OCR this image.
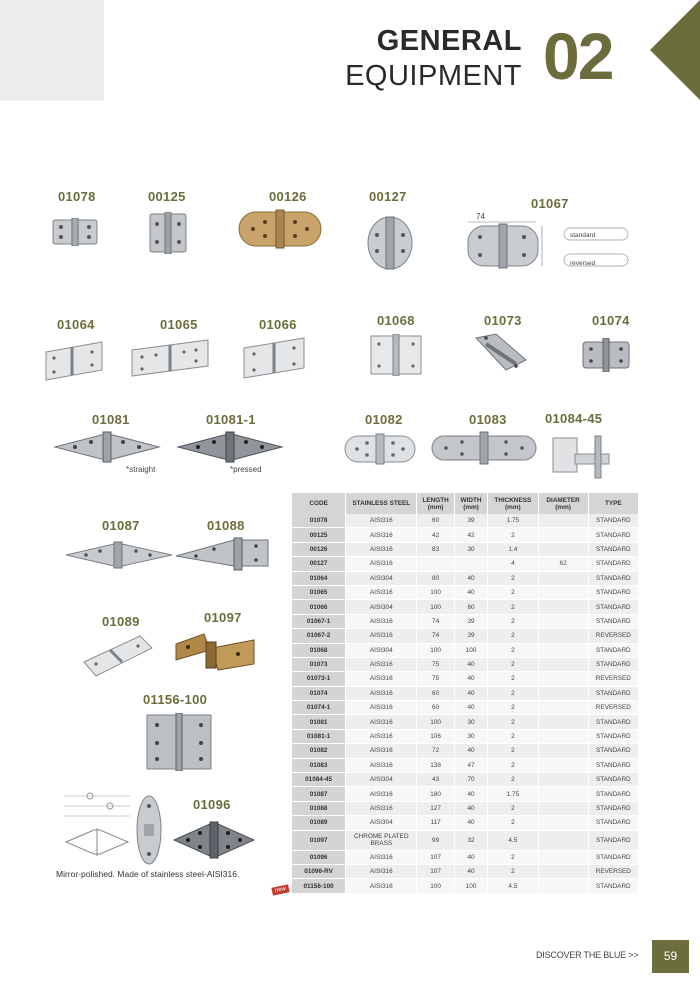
GENERAL
EQUIPMENT 02
01078	00125	00126	00127	01067
01064	01065	01066	01068	01073	01074
01081	01081-1	01082	01083	01084-45
01087	01088
01089	01097
01156-100
01096
74
standard
reversed
*straight	*pressed
Mirror-polished. Made of stainless steel-AISI316.
new
CODE	STAINLESS STEEL	LENGTH (mm)	WIDTH (mm)	THICKNESS (mm)	DIAMETER (mm)	TYPE
01078	AISI316	60	39	1.75		STANDARD
00125	AISI316	42	42	2		STANDARD
00126	AISI316	83	30	1.4		STANDARD
00127	AISI316			4	62	STANDARD
01064	AISI304	80	40	2		STANDARD
01065	AISI316	100	40	2		STANDARD
01066	AISI304	100	60	2		STANDARD
01067-1	AISI316	74	39	2		STANDARD
01067-2	AISI316	74	39	2		REVERSED
01068	AISI304	100	100	2		STANDARD
01073	AISI316	75	40	2		STANDARD
01073-1	AISI316	75	40	2		REVERSED
01074	AISI316	60	40	2		STANDARD
01074-1	AISI316	60	40	2		REVERSED
01081	AISI316	100	30	2		STANDARD
01081-1	AISI316	106	30	2		STANDARD
01082	AISI316	72	40	2		STANDARD
01083	AISI316	138	47	2		STANDARD
01084-45	AISI304	43	70	2		STANDARD
01087	AISI316	180	40	1.75		STANDARD
01088	AISI316	127	40	2		STANDARD
01089	AISI304	117	40	2		STANDARD
01097	CHROME PLATED BRASS	99	32	4.5		STANDARD
01096	AISI316	107	40	2		STANDARD
01096-RV	AISI316	107	40	2		REVERSED
01156-100	AISI316	100	100	4.5		STANDARD
DISCOVER THE BLUE >>	59
